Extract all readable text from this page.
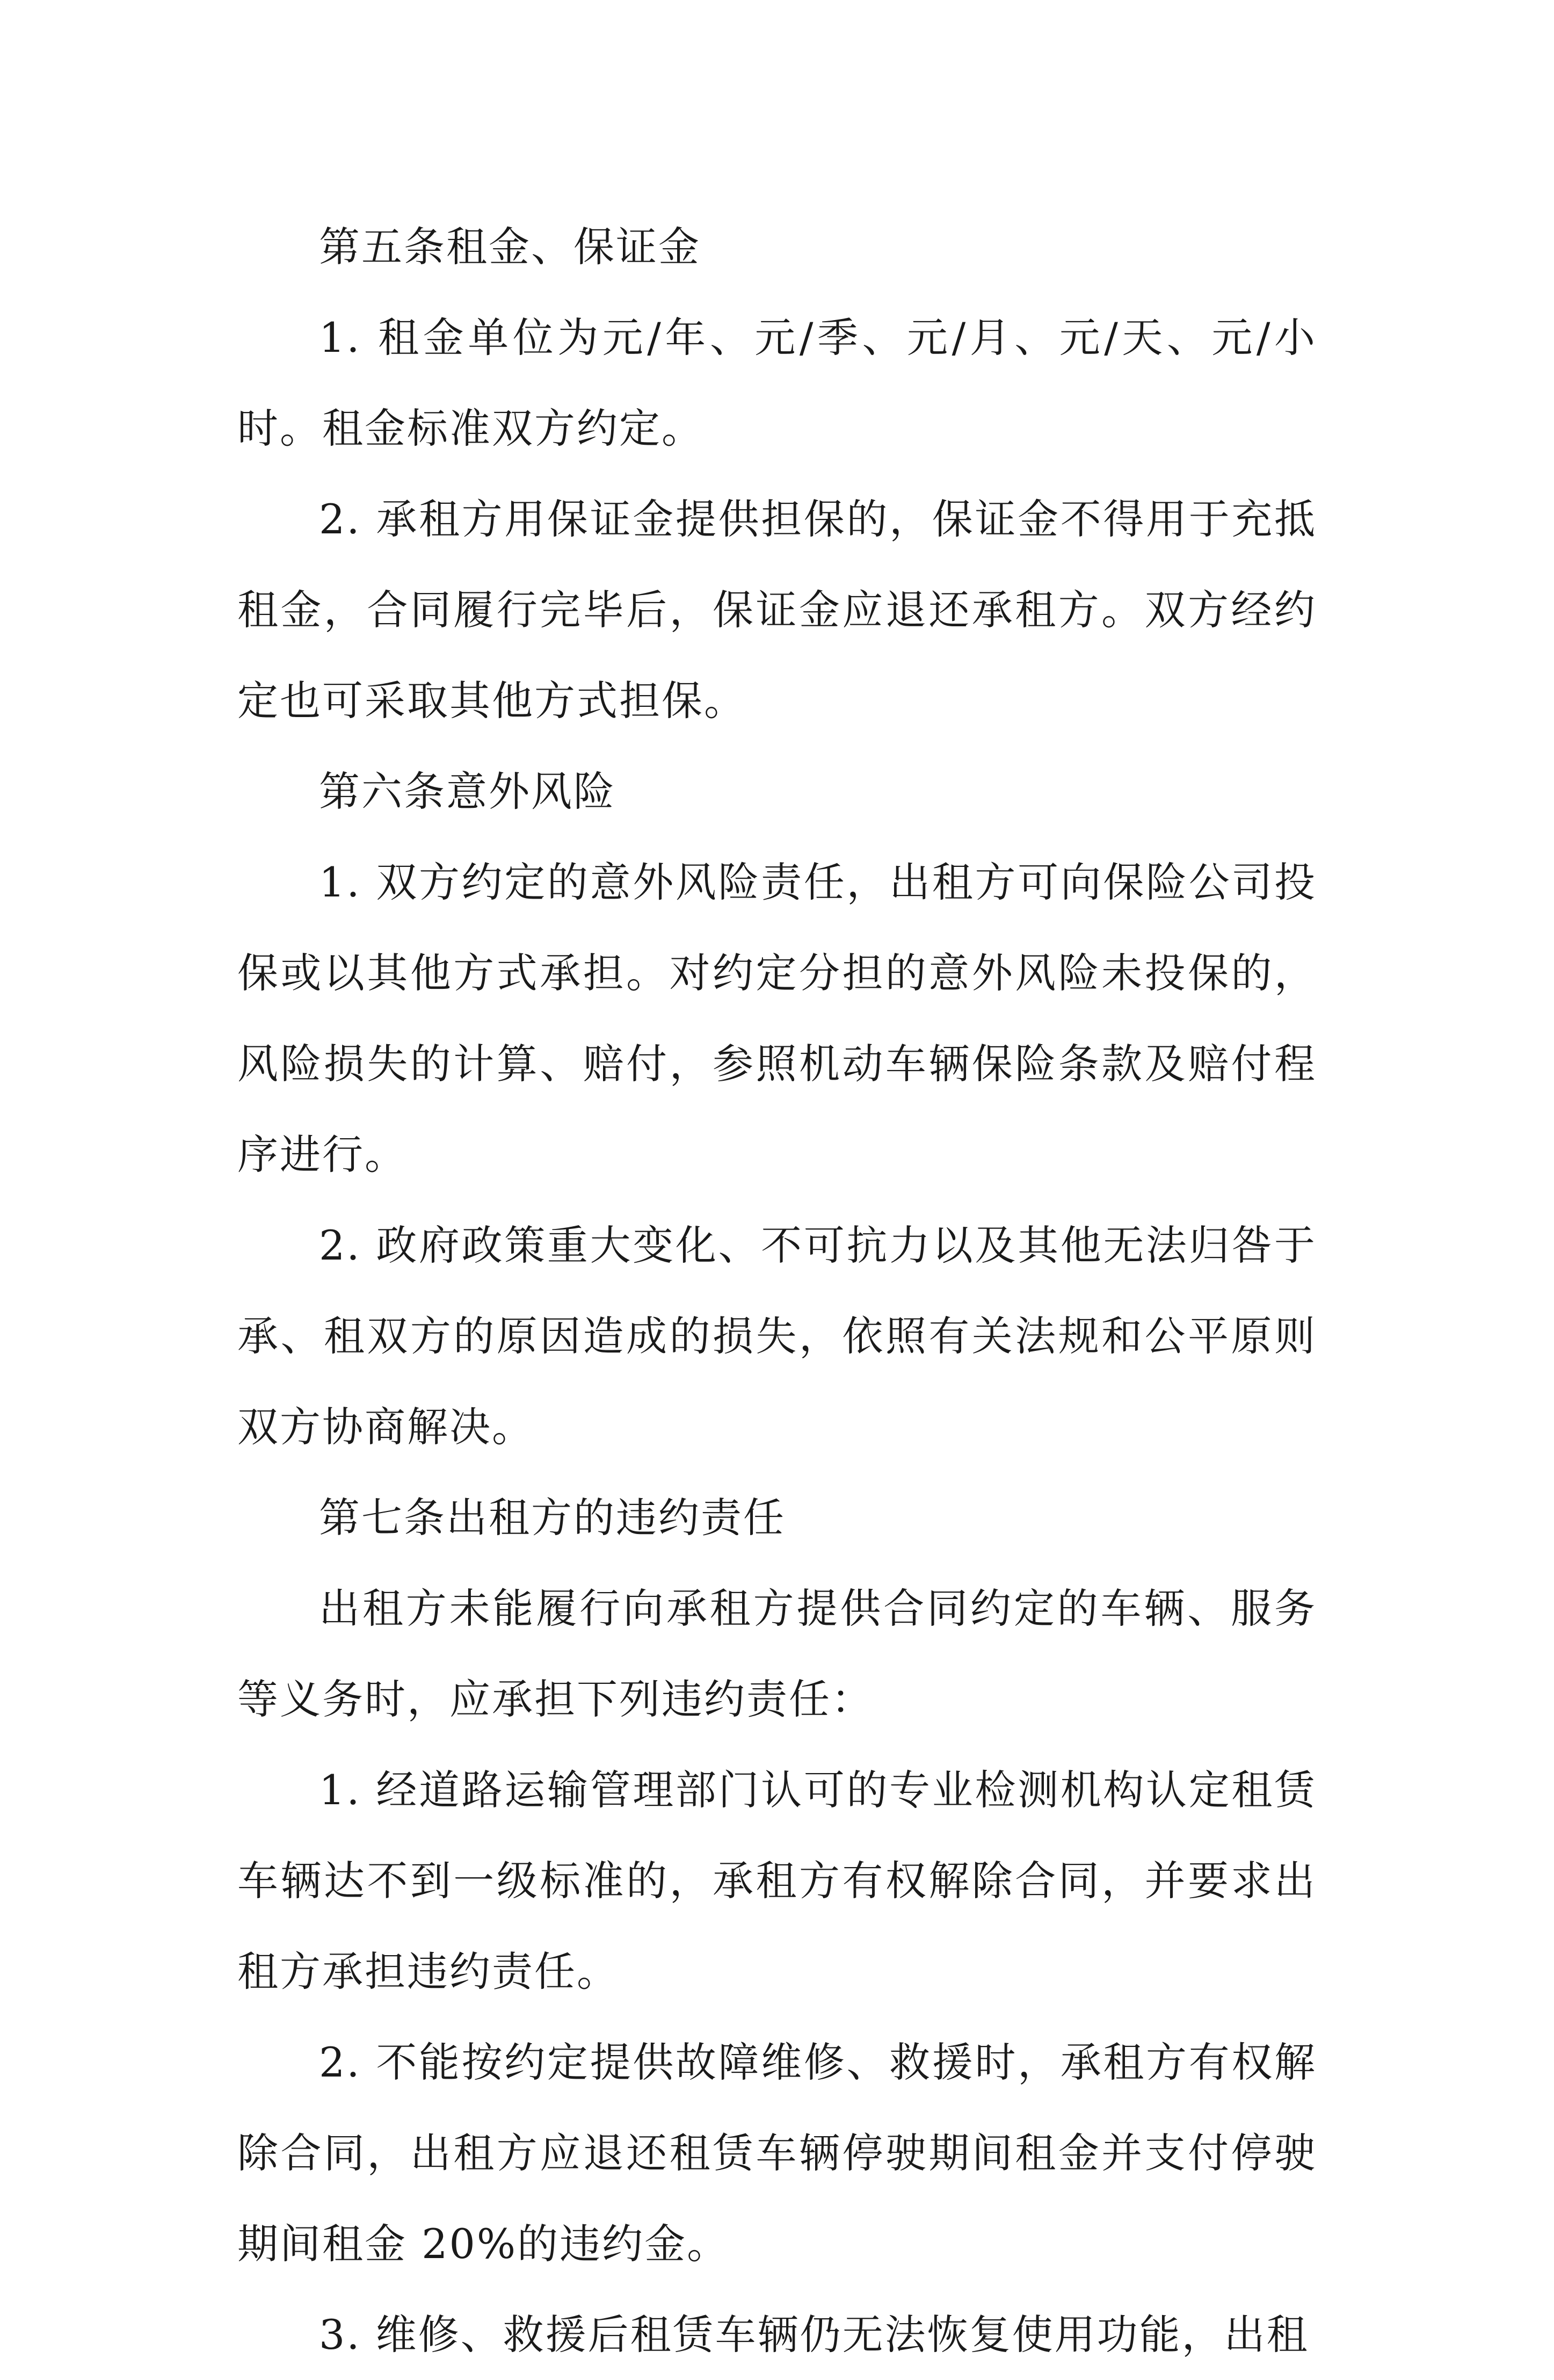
第五条租金、保证金

1. 租金单位为元/年、元/季、元/月、元/天、元/小时。租金标准双方约定。

2. 承租方用保证金提供担保的，保证金不得用于充抵租金，合同履行完毕后，保证金应退还承租方。双方经约定也可采取其他方式担保。

第六条意外风险

1. 双方约定的意外风险责任，出租方可向保险公司投保或以其他方式承担。对约定分担的意外风险未投保的，风险损失的计算、赔付，参照机动车辆保险条款及赔付程序进行。

2. 政府政策重大变化、不可抗力以及其他无法归咎于承、租双方的原因造成的损失，依照有关法规和公平原则双方协商解决。

第七条出租方的违约责任

出租方未能履行向承租方提供合同约定的车辆、服务等义务时，应承担下列违约责任：

1. 经道路运输管理部门认可的专业检测机构认定租赁车辆达不到一级标准的，承租方有权解除合同，并要求出租方承担违约责任。

2. 不能按约定提供故障维修、救援时，承租方有权解除合同，出租方应退还租赁车辆停驶期间租金并支付停驶期间租金 20%的违约金。

3. 维修、救援后租赁车辆仍无法恢复使用功能，出租
